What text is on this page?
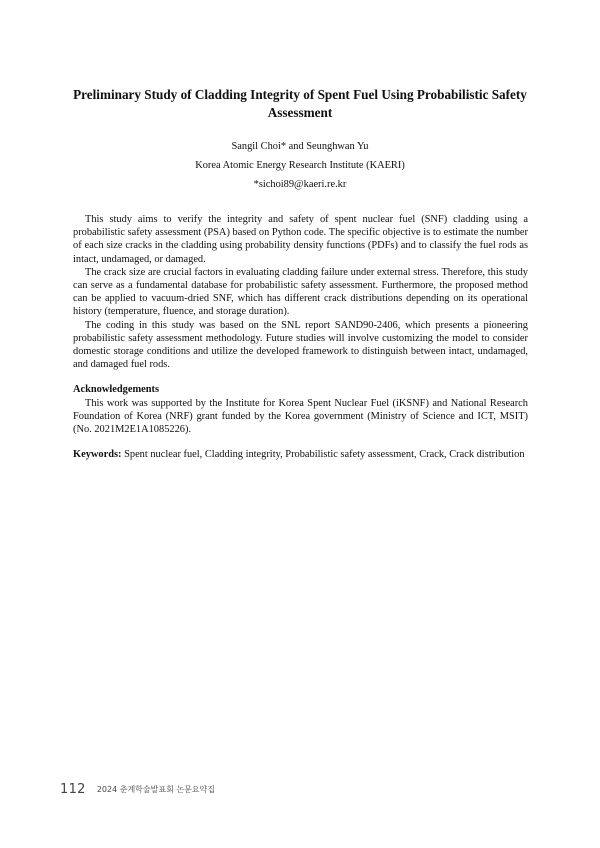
Preliminary Study of Cladding Integrity of Spent Fuel Using Probabilistic Safety Assessment
Sangil Choi* and Seunghwan Yu
Korea Atomic Energy Research Institute (KAERI)
*sichoi89@kaeri.re.kr

This study aims to verify the integrity and safety of spent nuclear fuel (SNF) cladding using a probabilistic safety assessment (PSA) based on Python code. The specific objective is to estimate the number of each size cracks in the cladding using probability density functions (PDFs) and to classify the fuel rods as intact, undamaged, or damaged.

The crack size are crucial factors in evaluating cladding failure under external stress. Therefore, this study can serve as a fundamental database for probabilistic safety assessment. Furthermore, the proposed method can be applied to vacuum-dried SNF, which has different crack distributions depending on its operational history (temperature, fluence, and storage duration).

The coding in this study was based on the SNL report SAND90-2406, which presents a pioneering probabilistic safety assessment methodology. Future studies will involve customizing the model to consider domestic storage conditions and utilize the developed framework to distinguish between intact, undamaged, and damaged fuel rods.

Acknowledgements

This work was supported by the Institute for Korea Spent Nuclear Fuel (iKSNF) and National Research Foundation of Korea (NRF) grant funded by the Korea government (Ministry of Science and ICT, MSIT) (No. 2021M2E1A1085226).

Keywords: Spent nuclear fuel, Cladding integrity, Probabilistic safety assessment, Crack, Crack distribution

112 2024 춘계학술발표회 논문요약집
